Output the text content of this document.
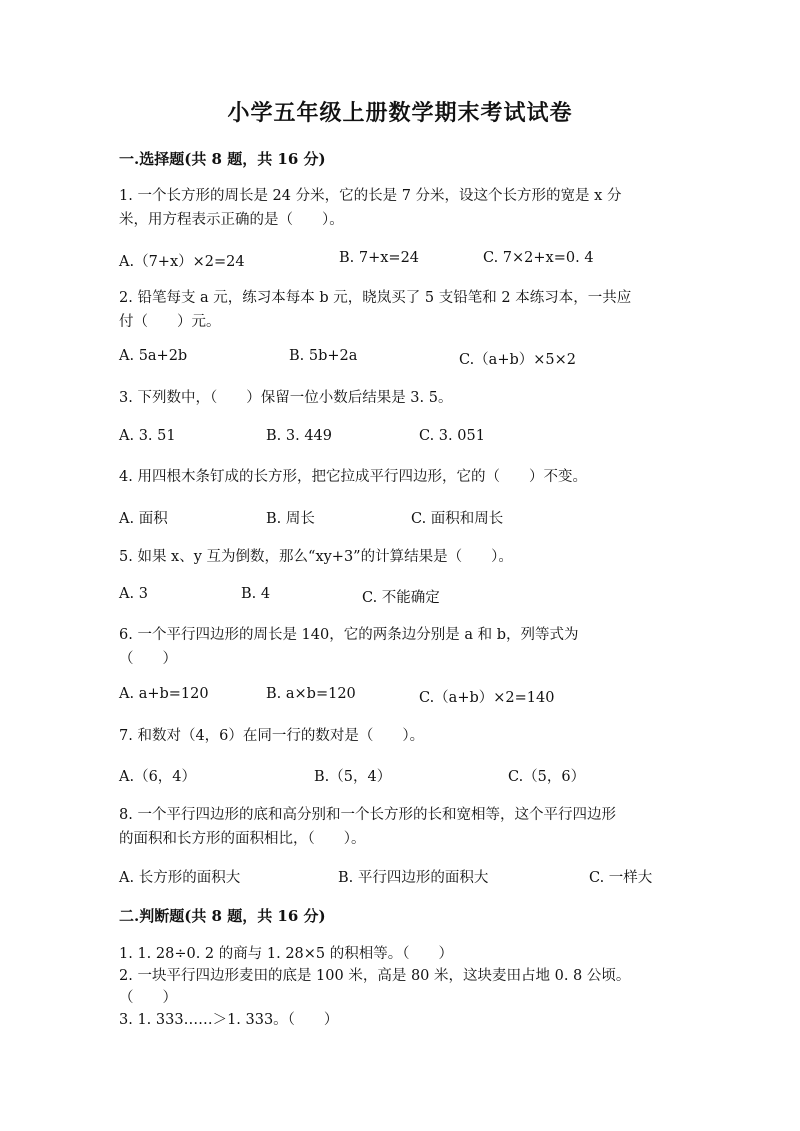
小学五年级上册数学期末考试试卷
一.选择题(共 8 题，共 16 分)
1. 一个长方形的周长是 24 分米，它的长是 7 分米，设这个长方形的宽是 x 分
米，用方程表示正确的是（　　）。
A.（7+x）×2=24	B. 7+x=24	C. 7×2+x=0. 4
2. 铅笔每支 a 元，练习本每本 b 元，晓岚买了 5 支铅笔和 2 本练习本，一共应
付（　　）元。
A. 5a+2b	B. 5b+2a	C.（a+b）×5×2
3. 下列数中，（　　）保留一位小数后结果是 3. 5。
A. 3. 51	B. 3. 449	C. 3. 051
4. 用四根木条钉成的长方形，把它拉成平行四边形，它的（　　）不变。
A. 面积	B. 周长	C. 面积和周长
5. 如果 x、y 互为倒数，那么“xy+3”的计算结果是（　　）。
A. 3	B. 4	C. 不能确定
6. 一个平行四边形的周长是 140，它的两条边分别是 a 和 b，列等式为
（　　）
A. a+b=120	B. a×b=120	C.（a+b）×2=140
7. 和数对（4，6）在同一行的数对是（　　）。
A.（6，4）	B.（5，4）	C.（5，6）
8. 一个平行四边形的底和高分别和一个长方形的长和宽相等，这个平行四边形
的面积和长方形的面积相比，（　　）。
A. 长方形的面积大	B. 平行四边形的面积大	C. 一样大
二.判断题(共 8 题，共 16 分)
1. 1. 28÷0. 2 的商与 1. 28×5 的积相等。（　　）
2. 一块平行四边形麦田的底是 100 米，高是 80 米，这块麦田占地 0. 8 公顷。
（　　）
3. 1. 333……＞1. 333。（　　）
